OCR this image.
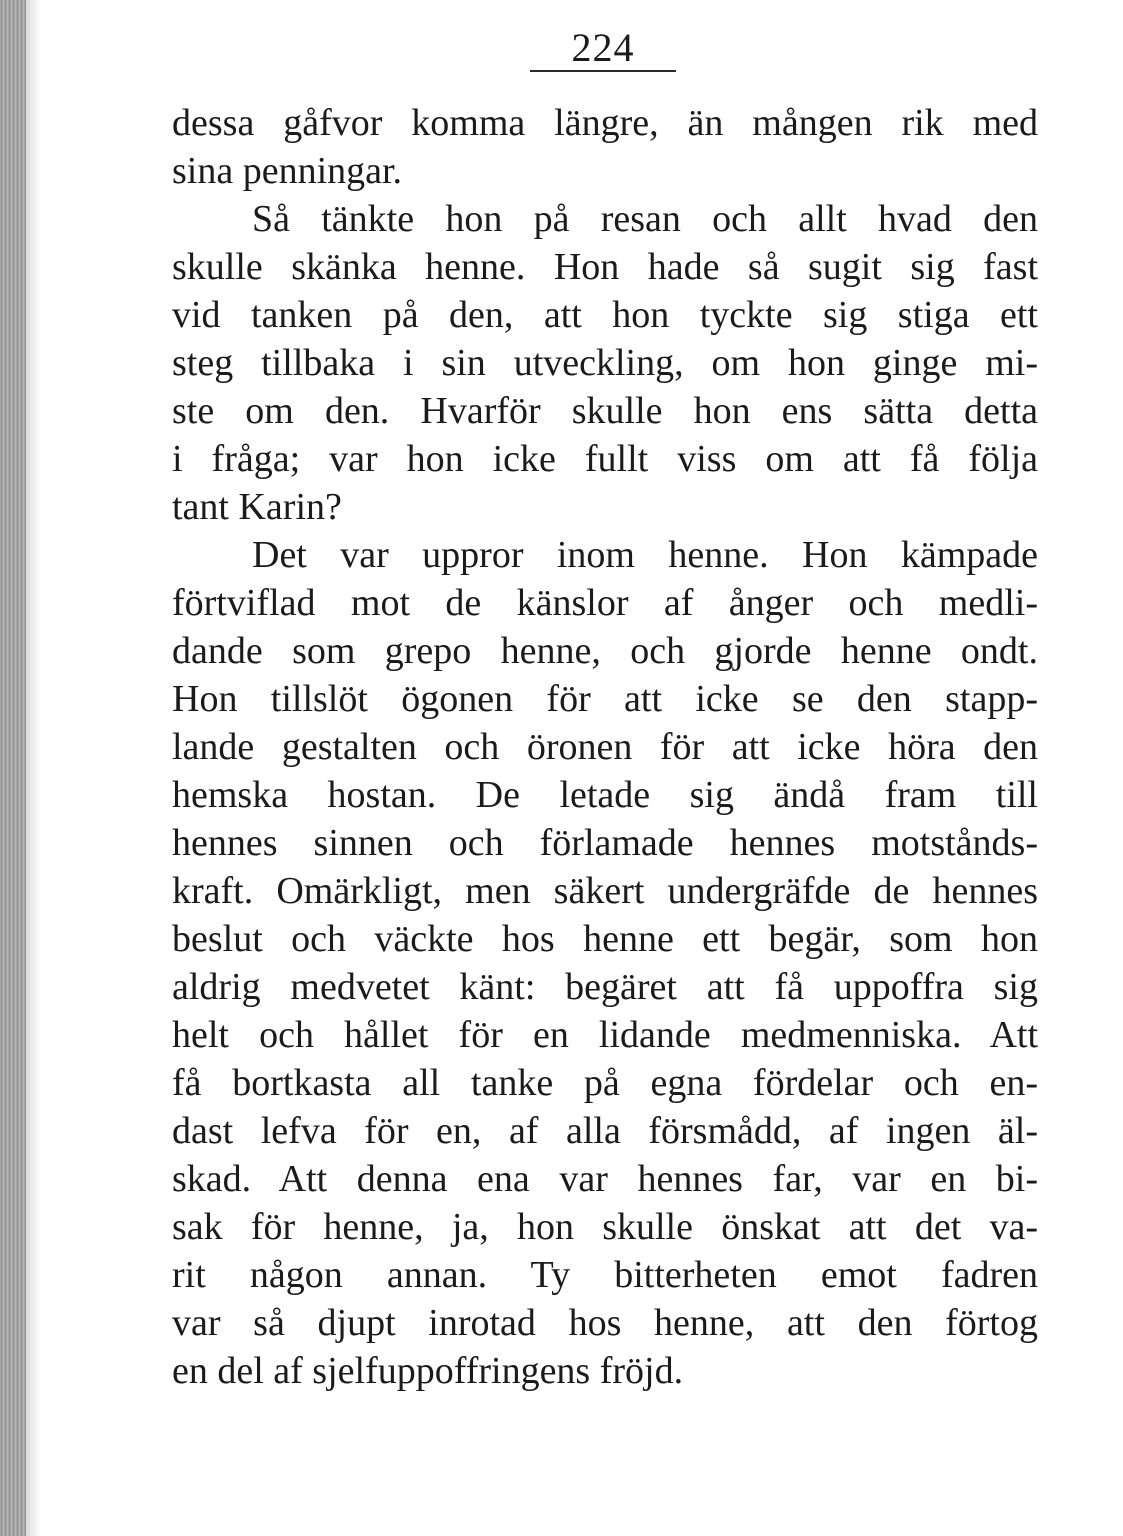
224
dessa gåfvor komma längre, än mången rik med
sina penningar.
Så tänkte hon på resan och allt hvad den
skulle skänka henne. Hon hade så sugit sig fast
vid tanken på den, att hon tyckte sig stiga ett
steg tillbaka i sin utveckling, om hon ginge mi-
ste om den. Hvarför skulle hon ens sätta detta
i fråga; var hon icke fullt viss om att få följa
tant Karin?
Det var uppror inom henne. Hon kämpade
förtviflad mot de känslor af ånger och medli-
dande som grepo henne, och gjorde henne ondt.
Hon tillslöt ögonen för att icke se den stapp-
lande gestalten och öronen för att icke höra den
hemska hostan. De letade sig ändå fram till
hennes sinnen och förlamade hennes motstånds-
kraft. Omärkligt, men säkert undergräfde de hennes
beslut och väckte hos henne ett begär, som hon
aldrig medvetet känt: begäret att få uppoffra sig
helt och hållet för en lidande medmenniska. Att
få bortkasta all tanke på egna fördelar och en-
dast lefva för en, af alla försmådd, af ingen äl-
skad. Att denna ena var hennes far, var en bi-
sak för henne, ja, hon skulle önskat att det va-
rit någon annan. Ty bitterheten emot fadren
var så djupt inrotad hos henne, att den förtog
en del af sjelfuppoffringens fröjd.
